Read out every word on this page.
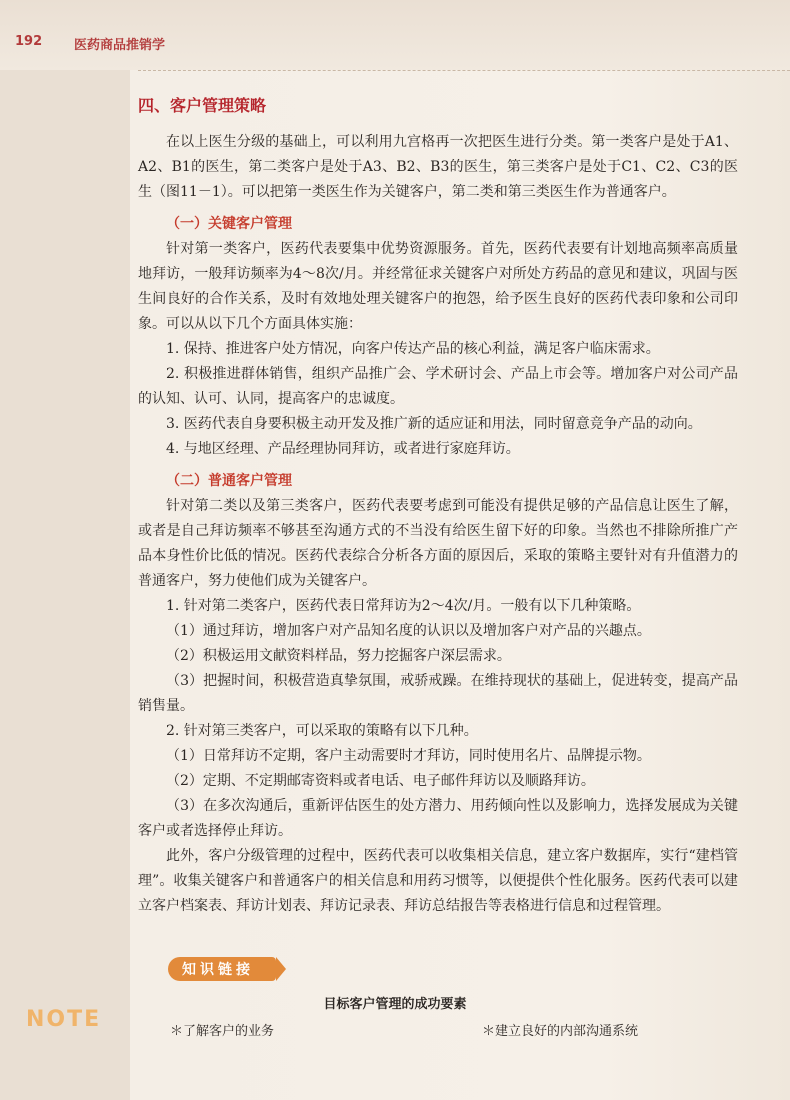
192 医药商品推销学
四、客户管理策略

在以上医生分级的基础上，可以利用九宫格再一次把医生进行分类。第一类客户是处于A1、A2、B1的医生，第二类客户是处于A3、B2、B3的医生，第三类客户是处于C1、C2、C3的医生（图11－1）。可以把第一类医生作为关键客户，第二类和第三类医生作为普通客户。

（一）关键客户管理

针对第一类客户，医药代表要集中优势资源服务。首先，医药代表要有计划地高频率高质量地拜访，一般拜访频率为4～8次/月。并经常征求关键客户对所处方药品的意见和建议，巩固与医生间良好的合作关系，及时有效地处理关键客户的抱怨，给予医生良好的医药代表印象和公司印象。可以从以下几个方面具体实施：

1. 保持、推进客户处方情况，向客户传达产品的核心利益，满足客户临床需求。

2. 积极推进群体销售，组织产品推广会、学术研讨会、产品上市会等。增加客户对公司产品的认知、认可、认同，提高客户的忠诚度。

3. 医药代表自身要积极主动开发及推广新的适应证和用法，同时留意竞争产品的动向。

4. 与地区经理、产品经理协同拜访，或者进行家庭拜访。

（二）普通客户管理

针对第二类以及第三类客户，医药代表要考虑到可能没有提供足够的产品信息让医生了解，或者是自己拜访频率不够甚至沟通方式的不当没有给医生留下好的印象。当然也不排除所推广产品本身性价比低的情况。医药代表综合分析各方面的原因后，采取的策略主要针对有升值潜力的普通客户，努力使他们成为关键客户。

1. 针对第二类客户，医药代表日常拜访为2～4次/月。一般有以下几种策略。

（1）通过拜访，增加客户对产品知名度的认识以及增加客户对产品的兴趣点。

（2）积极运用文献资料样品，努力挖掘客户深层需求。

（3）把握时间，积极营造真挚氛围，戒骄戒躁。在维持现状的基础上，促进转变，提高产品销售量。

2. 针对第三类客户，可以采取的策略有以下几种。

（1）日常拜访不定期，客户主动需要时才拜访，同时使用名片、品牌提示物。

（2）定期、不定期邮寄资料或者电话、电子邮件拜访以及顺路拜访。

（3）在多次沟通后，重新评估医生的处方潜力、用药倾向性以及影响力，选择发展成为关键客户或者选择停止拜访。

此外，客户分级管理的过程中，医药代表可以收集相关信息，建立客户数据库，实行“建档管理”。收集关键客户和普通客户的相关信息和用药习惯等，以便提供个性化服务。医药代表可以建立客户档案表、拜访计划表、拜访记录表、拜访总结报告等表格进行信息和过程管理。

知识链接
目标客户管理的成功要素
NOTE	＊了解客户的业务	＊建立良好的内部沟通系统
